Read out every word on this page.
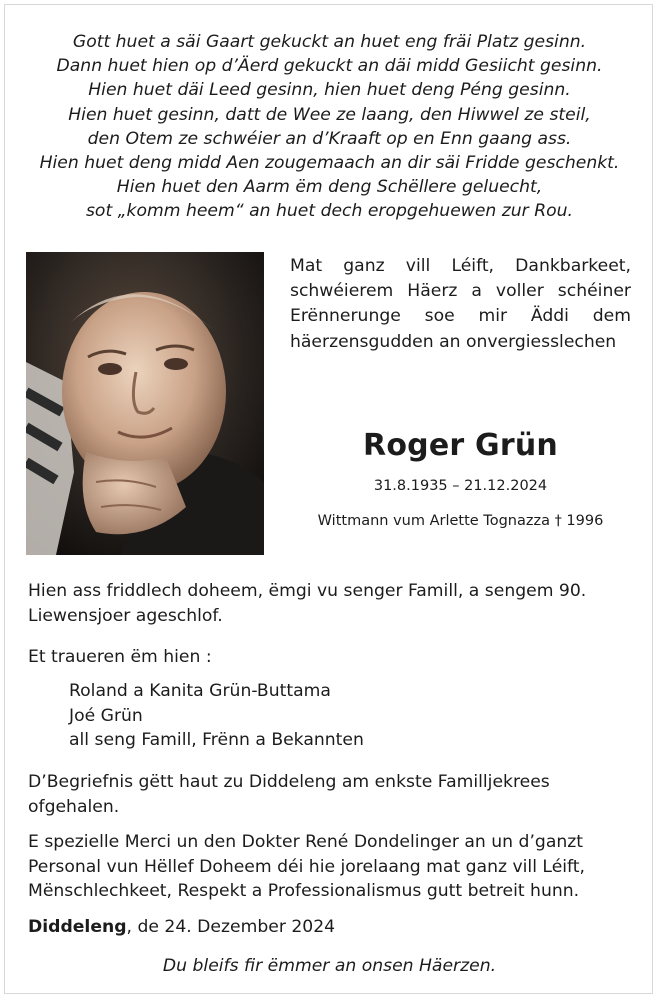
Gott huet a säi Gaart gekuckt an huet eng fräi Platz gesinn.
Dann huet hien op d’Äerd gekuckt an däi midd Gesiicht gesinn.
Hien huet däi Leed gesinn, hien huet deng Péng gesinn.
Hien huet gesinn, datt de Wee ze laang, den Hiwwel ze steil,
den Otem ze schwéier an d’Kraaft op en Enn gaang ass.
Hien huet deng midd Aen zougemaach an dir säi Fridde geschenkt.
Hien huet den Aarm ëm deng Schëllere geluecht,
sot „komm heem“ an huet dech eropgehuewen zur Rou.
Mat ganz vill Léift, Dankbarkeet, schwéierem Häerz a voller schéiner Erënnerunge soe mir Äddi dem häerzensgudden an onvergiesslechen
Roger Grün
31.8.1935 – 21.12.2024
Wittmann vum Arlette Tognazza † 1996
Hien ass friddlech doheem, ëmgi vu senger Famill, a sengem 90. Liewensjoer ageschlof.
Et traueren ëm hien :
Roland a Kanita Grün-Buttama
Joé Grün
all seng Famill, Frënn a Bekannten
D’Begriefnis gëtt haut zu Diddeleng am enkste Familljekrees ofgehalen.
E spezielle Merci un den Dokter René Dondelinger an un d’ganzt Personal vun Hëllef Doheem déi hie jorelaang mat ganz vill Léift, Mënschlechkeet, Respekt a Professionalismus gutt betreit hunn.
Diddeleng, de 24. Dezember 2024
Du bleifs fir ëmmer an onsen Häerzen.
